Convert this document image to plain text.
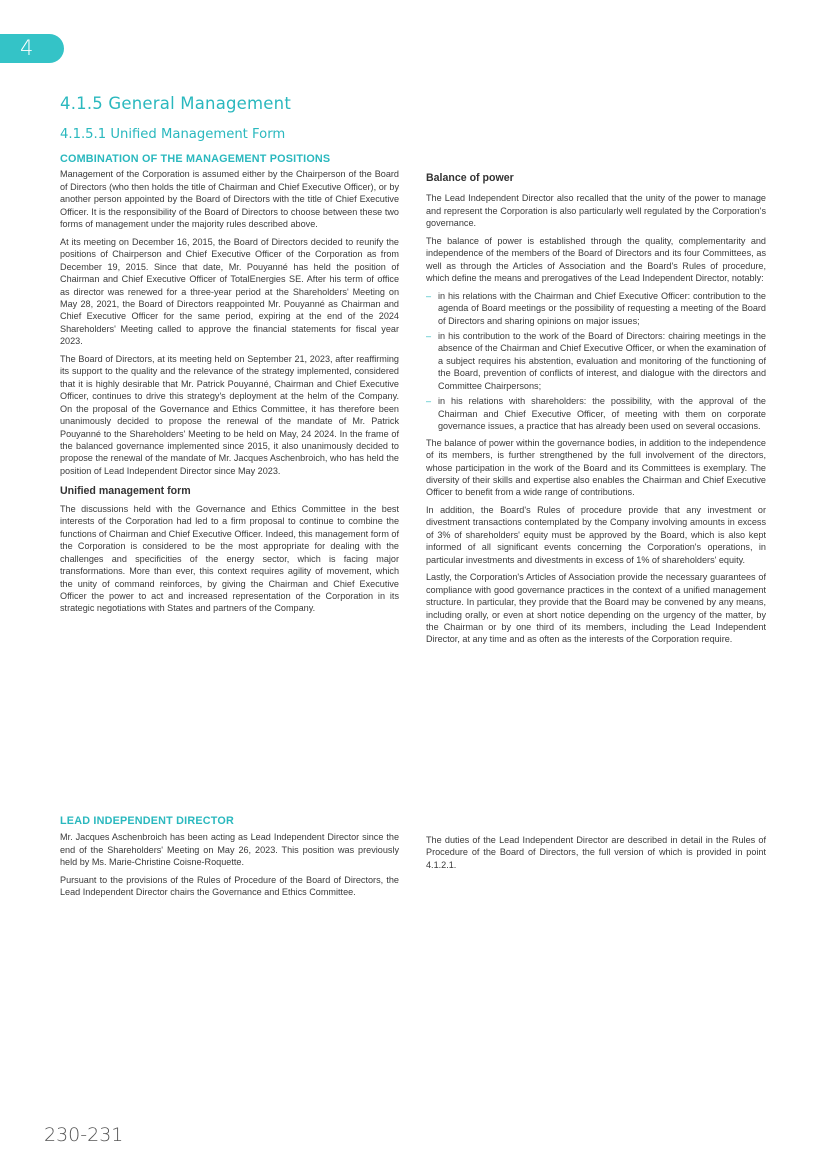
4
4.1.5 General Management
4.1.5.1 Unified Management Form

COMBINATION OF THE MANAGEMENT POSITIONS

Management of the Corporation is assumed either by the Chairperson of the Board of Directors (who then holds the title of Chairman and Chief Executive Officer), or by another person appointed by the Board of Directors with the title of Chief Executive Officer. It is the responsibility of the Board of Directors to choose between these two forms of management under the majority rules described above.

At its meeting on December 16, 2015, the Board of Directors decided to reunify the positions of Chairperson and Chief Executive Officer of the Corporation as from December 19, 2015. Since that date, Mr. Pouyanné has held the position of Chairman and Chief Executive Officer of TotalEnergies SE. After his term of office as director was renewed for a three-year period at the Shareholders' Meeting on May 28, 2021, the Board of Directors reappointed Mr. Pouyanné as Chairman and Chief Executive Officer for the same period, expiring at the end of the 2024 Shareholders' Meeting called to approve the financial statements for fiscal year 2023.

The Board of Directors, at its meeting held on September 21, 2023, after reaffirming its support to the quality and the relevance of the strategy implemented, considered that it is highly desirable that Mr. Patrick Pouyanné, Chairman and Chief Executive Officer, continues to drive this strategy's deployment at the helm of the Company. On the proposal of the Governance and Ethics Committee, it has therefore been unanimously decided to propose the renewal of the mandate of Mr. Patrick Pouyanné to the Shareholders' Meeting to be held on May, 24 2024. In the frame of the balanced governance implemented since 2015, it also unanimously decided to propose the renewal of the mandate of Mr. Jacques Aschenbroich, who has held the position of Lead Independent Director since May 2023.

Unified management form

The discussions held with the Governance and Ethics Committee in the best interests of the Corporation had led to a firm proposal to continue to combine the functions of Chairman and Chief Executive Officer. Indeed, this management form of the Corporation is considered to be the most appropriate for dealing with the challenges and specificities of the energy sector, which is facing major transformations. More than ever, this context requires agility of movement, which the unity of command reinforces, by giving the Chairman and Chief Executive Officer the power to act and increased representation of the Corporation in its strategic negotiations with States and partners of the Company.

Balance of power

The Lead Independent Director also recalled that the unity of the power to manage and represent the Corporation is also particularly well regulated by the Corporation's governance.

The balance of power is established through the quality, complementarity and independence of the members of the Board of Directors and its four Committees, as well as through the Articles of Association and the Board's Rules of procedure, which define the means and prerogatives of the Lead Independent Director, notably:

– in his relations with the Chairman and Chief Executive Officer: contribution to the agenda of Board meetings or the possibility of requesting a meeting of the Board of Directors and sharing opinions on major issues;
– in his contribution to the work of the Board of Directors: chairing meetings in the absence of the Chairman and Chief Executive Officer, or when the examination of a subject requires his abstention, evaluation and monitoring of the functioning of the Board, prevention of conflicts of interest, and dialogue with the directors and Committee Chairpersons;
– in his relations with shareholders: the possibility, with the approval of the Chairman and Chief Executive Officer, of meeting with them on corporate governance issues, a practice that has already been used on several occasions.

The balance of power within the governance bodies, in addition to the independence of its members, is further strengthened by the full involvement of the directors, whose participation in the work of the Board and its Committees is exemplary. The diversity of their skills and expertise also enables the Chairman and Chief Executive Officer to benefit from a wide range of contributions.

In addition, the Board's Rules of procedure provide that any investment or divestment transactions contemplated by the Company involving amounts in excess of 3% of shareholders' equity must be approved by the Board, which is also kept informed of all significant events concerning the Corporation's operations, in particular investments and divestments in excess of 1% of shareholders' equity.

Lastly, the Corporation's Articles of Association provide the necessary guarantees of compliance with good governance practices in the context of a unified management structure. In particular, they provide that the Board may be convened by any means, including orally, or even at short notice depending on the urgency of the matter, by the Chairman or by one third of its members, including the Lead Independent Director, at any time and as often as the interests of the Corporation require.

LEAD INDEPENDENT DIRECTOR

Mr. Jacques Aschenbroich has been acting as Lead Independent Director since the end of the Shareholders' Meeting on May 26, 2023. This position was previously held by Ms. Marie-Christine Coisne-Roquette.

Pursuant to the provisions of the Rules of Procedure of the Board of Directors, the Lead Independent Director chairs the Governance and Ethics Committee.

The duties of the Lead Independent Director are described in detail in the Rules of Procedure of the Board of Directors, the full version of which is provided in point 4.1.2.1.

230-231
